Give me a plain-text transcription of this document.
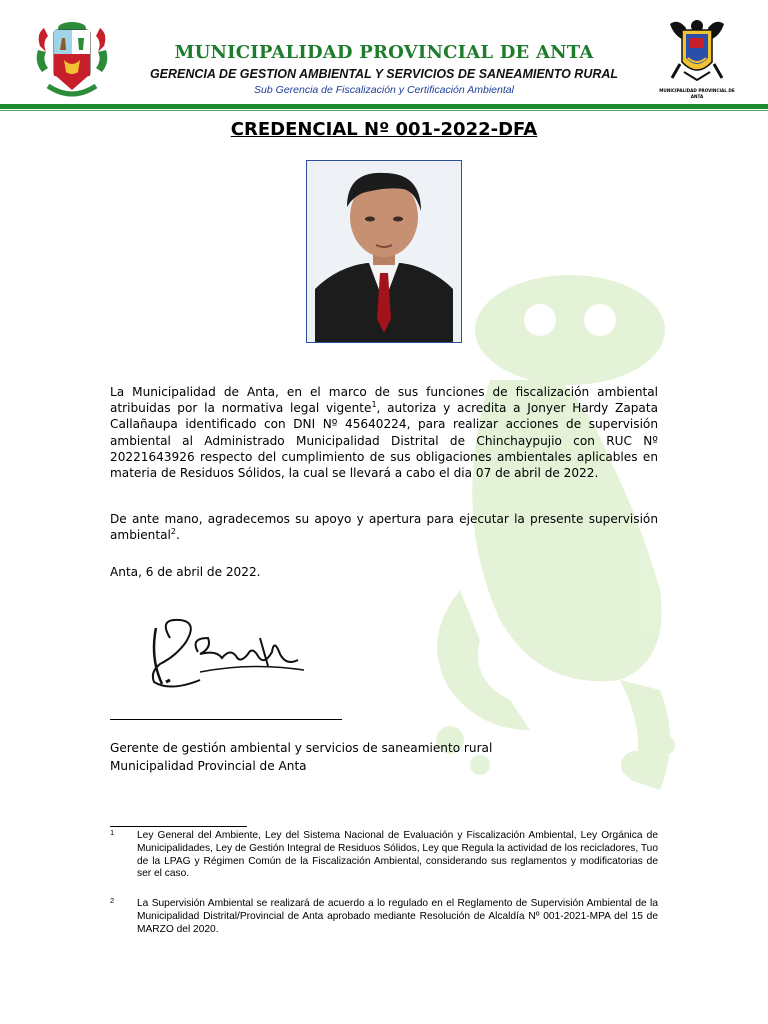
MUNICIPALIDAD PROVINCIAL DE ANTA
GERENCIA DE GESTION AMBIENTAL Y SERVICIOS DE SANEAMIENTO RURAL
Sub Gerencia de Fiscalización y Certificación Ambiental	MUNICIPALIDAD PROVINCIAL DE ANTA
CREDENCIAL Nº 001-2022-DFA
La Municipalidad de Anta, en el marco de sus funciones de fiscalización ambiental atribuidas por la normativa legal vigente$^1$, autoriza y acredita a Jonyer Hardy Zapata Callañaupa identificado con DNI Nº 45640224, para realizar acciones de supervisión ambiental al Administrado Municipalidad Distrital de Chinchaypujio con RUC Nº 20221643926 respecto del cumplimiento de sus obligaciones ambientales aplicables en materia de Residuos Sólidos, la cual se llevará a cabo el dia 07 de abril de 2022.
De ante mano, agradecemos su apoyo y apertura para ejecutar la presente supervisión ambiental$^2$.
Anta, 6 de abril de 2022.
Gerente de gestión ambiental y servicios de saneamiento rural
Municipalidad Provincial de Anta
1 Ley General del Ambiente, Ley del Sistema Nacional de Evaluación y Fiscalización Ambiental, Ley Orgánica de Municipalidades, Ley de Gestión Integral de Residuos Sólidos, Ley que Regula la actividad de los recicladores, Tuo de la LPAG y Régimen Común de la Fiscalización Ambiental, considerando sus reglamentos y modificatorias de ser el caso.
2 La Supervisión Ambiental se realizará de acuerdo a lo regulado en el Reglamento de Supervisión Ambiental de la Municipalidad Distrital/Provincial de Anta aprobado mediante Resolución de Alcaldía Nº 001-2021-MPA del 15 de MARZO del 2020.
